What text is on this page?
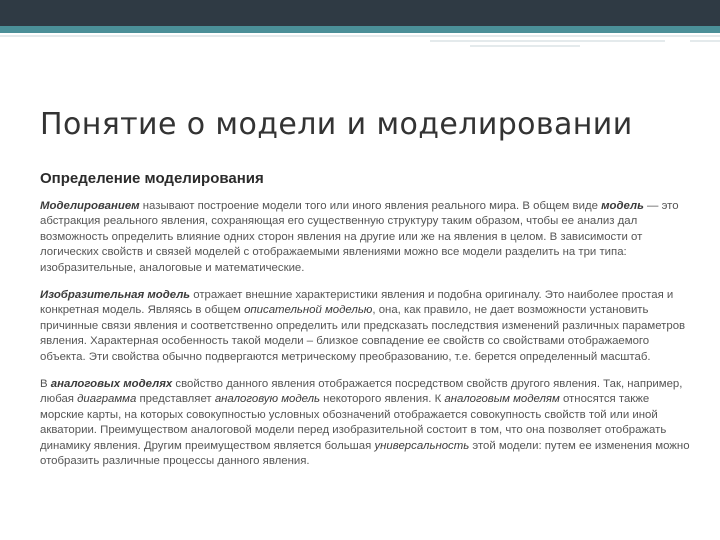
Понятие о модели и моделировании
Определение моделирования

Моделированием называют построение модели того или иного явления реального мира. В общем виде модель — это абстракция реального явления, сохраняющая его существенную структуру таким образом, чтобы ее анализ дал возможность определить влияние одних сторон явления на другие или же на явления в целом. В зависимости от логических свойств и связей моделей с отображаемыми явлениями можно все модели разделить на три типа: изобразительные, аналоговые и математические.

Изобразительная модель отражает внешние характеристики явления и подобна оригиналу. Это наиболее простая и конкретная модель. Являясь в общем описательной моделью, она, как правило, не дает возможности установить причинные связи явления и соответственно определить или предсказать последствия изменений различных параметров явления. Характерная особенность такой модели – близкое совпадение ее свойств со свойствами отображаемого объекта. Эти свойства обычно подвергаются метрическому преобразованию, т.е. берется определенный масштаб.

В аналоговых моделях свойство данного явления отображается посредством свойств другого явления. Так, например, любая диаграмма представляет аналоговую модель некоторого явления. К аналоговым моделям относятся также морские карты, на которых совокупностью условных обозначений отображается совокупность свойств той или иной акватории. Преимуществом аналоговой модели перед изобразительной состоит в том, что она позволяет отображать динамику явления. Другим преимуществом является большая универсальность этой модели: путем ее изменения можно отобразить различные процессы данного явления.
